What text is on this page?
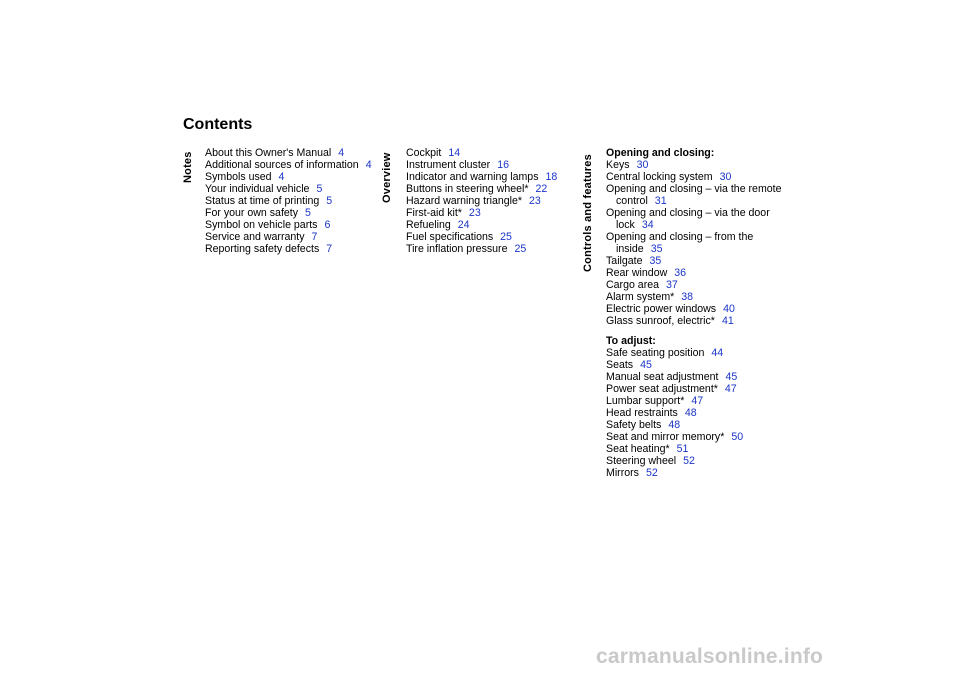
Contents
Notes About this Owner's Manual 4
Additional sources of information 4
Symbols used 4
Your individual vehicle 5
Status at time of printing 5
For your own safety 5
Symbol on vehicle parts 6
Service and warranty 7
Reporting safety defects 7
Overview Cockpit 14
Instrument cluster 16
Indicator and warning lamps 18
Buttons in steering wheel* 22
Hazard warning triangle* 23
First-aid kit* 23
Refueling 24
Fuel specifications 25
Tire inflation pressure 25	Controls and features
Opening and closing:
Keys 30
Central locking system 30
Opening and closing – via the remote control 31
Opening and closing – via the door lock 34
Opening and closing – from the inside 35
Tailgate 35
Rear window 36
Cargo area 37
Alarm system* 38
Electric power windows 40
Glass sunroof, electric* 41
To adjust:
Safe seating position 44
Seats 45
Manual seat adjustment 45
Power seat adjustment* 47
Lumbar support* 47
Head restraints 48
Safety belts 48
Seat and mirror memory* 50
Seat heating* 51
Steering wheel 52
Mirrors 52
carmanualsonline.info
